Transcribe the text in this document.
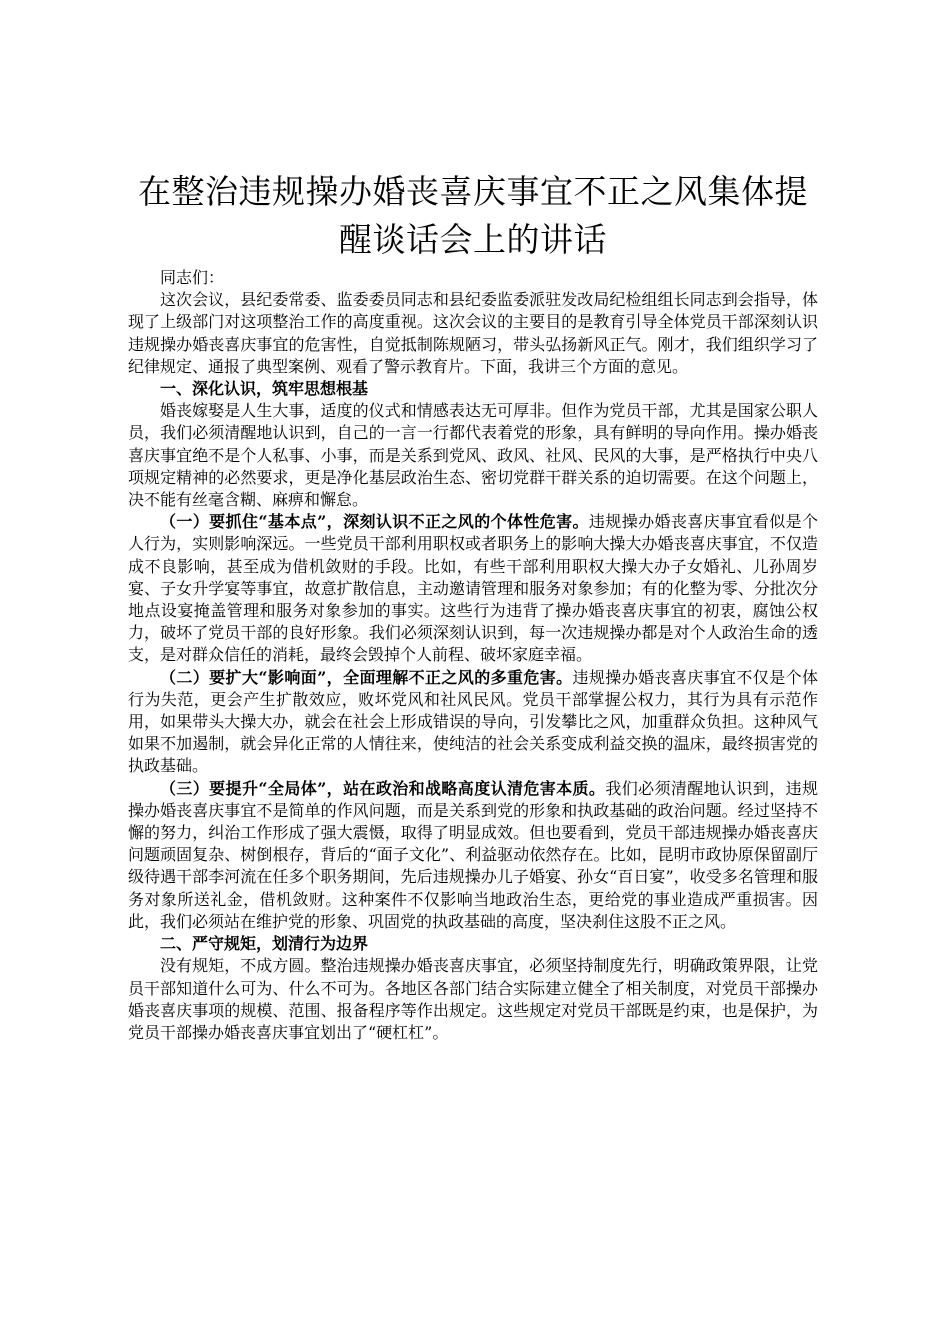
在整治违规操办婚丧喜庆事宜不正之风集体提醒谈话会上的讲话

同志们：

这次会议，县纪委常委、监委委员同志和县纪委监委派驻发改局纪检组组长同志到会指导，体现了上级部门对这项整治工作的高度重视。这次会议的主要目的是教育引导全体党员干部深刻认识违规操办婚丧喜庆事宜的危害性，自觉抵制陈规陋习，带头弘扬新风正气。刚才，我们组织学习了纪律规定、通报了典型案例、观看了警示教育片。下面，我讲三个方面的意见。

一、深化认识，筑牢思想根基

婚丧嫁娶是人生大事，适度的仪式和情感表达无可厚非。但作为党员干部，尤其是国家公职人员，我们必须清醒地认识到，自己的一言一行都代表着党的形象，具有鲜明的导向作用。操办婚丧喜庆事宜绝不是个人私事、小事，而是关系到党风、政风、社风、民风的大事，是严格执行中央八项规定精神的必然要求，更是净化基层政治生态、密切党群干群关系的迫切需要。在这个问题上，决不能有丝毫含糊、麻痹和懈怠。

（一）要抓住“基本点”，深刻认识不正之风的个体性危害。违规操办婚丧喜庆事宜看似是个人行为，实则影响深远。一些党员干部利用职权或者职务上的影响大操大办婚丧喜庆事宜，不仅造成不良影响，甚至成为借机敛财的手段。比如，有些干部利用职权大操大办子女婚礼、儿孙周岁宴、子女升学宴等事宜，故意扩散信息，主动邀请管理和服务对象参加；有的化整为零、分批次分地点设宴掩盖管理和服务对象参加的事实。这些行为违背了操办婚丧喜庆事宜的初衷，腐蚀公权力，破坏了党员干部的良好形象。我们必须深刻认识到，每一次违规操办都是对个人政治生命的透支，是对群众信任的消耗，最终会毁掉个人前程、破坏家庭幸福。

（二）要扩大“影响面”，全面理解不正之风的多重危害。违规操办婚丧喜庆事宜不仅是个体行为失范，更会产生扩散效应，败坏党风和社风民风。党员干部掌握公权力，其行为具有示范作用，如果带头大操大办，就会在社会上形成错误的导向，引发攀比之风，加重群众负担。这种风气如果不加遏制，就会异化正常的人情往来，使纯洁的社会关系变成利益交换的温床，最终损害党的执政基础。

（三）要提升“全局体”，站在政治和战略高度认清危害本质。我们必须清醒地认识到，违规操办婚丧喜庆事宜不是简单的作风问题，而是关系到党的形象和执政基础的政治问题。经过坚持不懈的努力，纠治工作形成了强大震慑，取得了明显成效。但也要看到，党员干部违规操办婚丧喜庆问题顽固复杂、树倒根存，背后的“面子文化”、利益驱动依然存在。比如，昆明市政协原保留副厅级待遇干部李河流在任多个职务期间，先后违规操办儿子婚宴、孙女“百日宴”，收受多名管理和服务对象所送礼金，借机敛财。这种案件不仅影响当地政治生态，更给党的事业造成严重损害。因此，我们必须站在维护党的形象、巩固党的执政基础的高度，坚决刹住这股不正之风。

二、严守规矩，划清行为边界

没有规矩，不成方圆。整治违规操办婚丧喜庆事宜，必须坚持制度先行，明确政策界限，让党员干部知道什么可为、什么不可为。各地区各部门结合实际建立健全了相关制度，对党员干部操办婚丧喜庆事项的规模、范围、报备程序等作出规定。这些规定对党员干部既是约束，也是保护，为党员干部操办婚丧喜庆事宜划出了“硬杠杠”。
